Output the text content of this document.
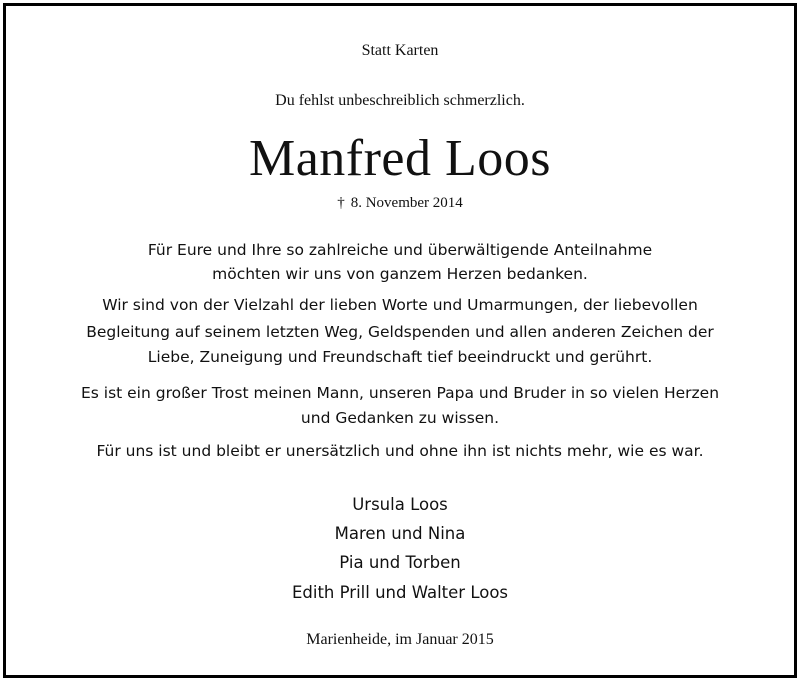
Statt Karten
Du fehlst unbeschreiblich schmerzlich.
Manfred Loos
† 8. November 2014
Für Eure und Ihre so zahlreiche und überwältigende Anteilnahme
möchten wir uns von ganzem Herzen bedanken.
Wir sind von der Vielzahl der lieben Worte und Umarmungen, der liebevollen
Begleitung auf seinem letzten Weg, Geldspenden und allen anderen Zeichen der
Liebe, Zuneigung und Freundschaft tief beeindruckt und gerührt.
Es ist ein großer Trost meinen Mann, unseren Papa und Bruder in so vielen Herzen
und Gedanken zu wissen.
Für uns ist und bleibt er unersätzlich und ohne ihn ist nichts mehr, wie es war.
Ursula Loos
Maren und Nina
Pia und Torben
Edith Prill und Walter Loos
Marienheide, im Januar 2015
